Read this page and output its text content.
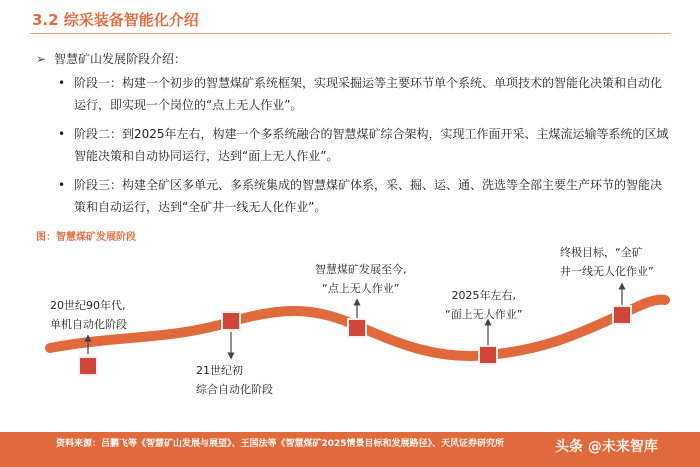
3.2 综采装备智能化介绍
➢ 智慧矿山发展阶段介绍：
• 阶段一：构建一个初步的智慧煤矿系统框架，实现采掘运等主要环节单个系统、单项技术的智能化决策和自动化运行，即实现一个岗位的“点上无人作业”。
• 阶段二：到2025年左右，构建一个多系统融合的智慧煤矿综合架构，实现工作面开采、主煤流运输等系统的区域智能决策和自动协同运行，达到“面上无人作业”。
• 阶段三：构建全矿区多单元、多系统集成的智慧煤矿体系，采、掘、运、通、洗选等全部主要生产环节的智能决策和自动运行，达到“全矿井一线无人化作业”。
图：智慧煤矿发展阶段
20世纪90年代,
单机自动化阶段
21世纪初
综合自动化阶段
智慧煤矿发展至今,
“点上无人作业”
2025年左右,
“面上无人作业”
终极目标，“全矿
井一线无人化作业”
资料来源：吕鹏飞等《智慧矿山发展与展望》、王国法等《智慧煤矿2025情景目标和发展路径》、天风证券研究所	头条 @未来智库
